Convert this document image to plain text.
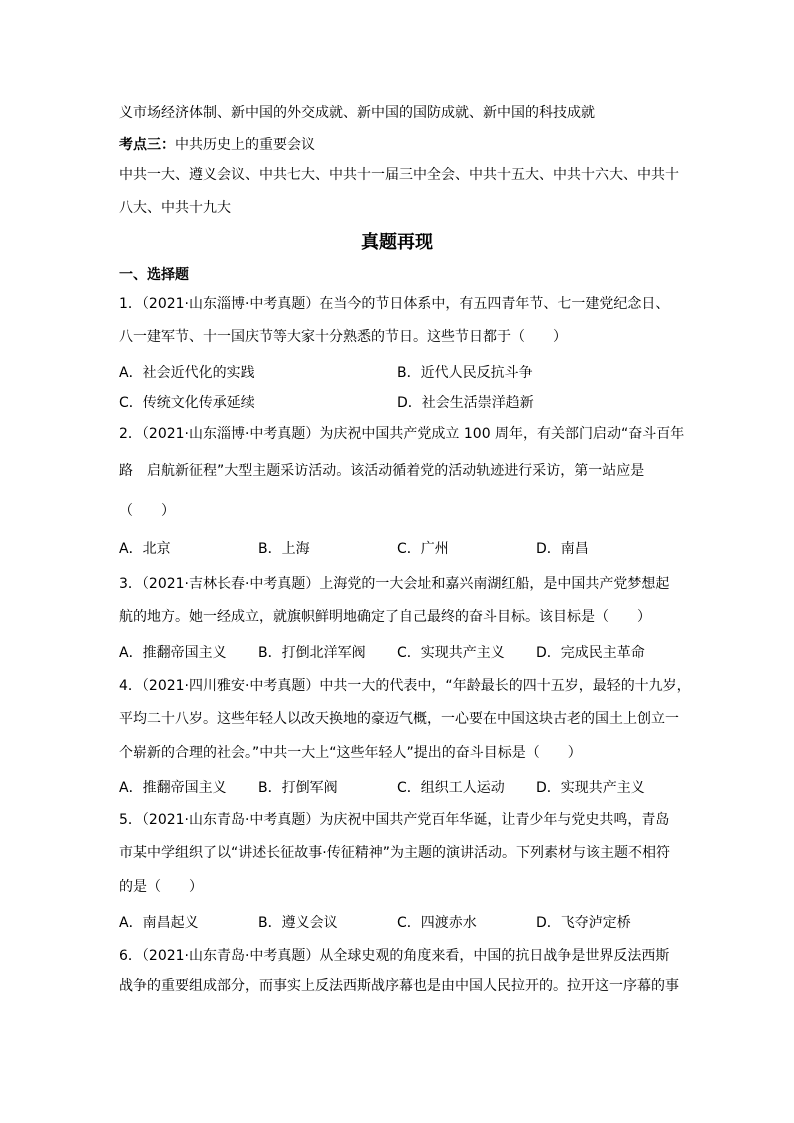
义市场经济体制、新中国的外交成就、新中国的国防成就、新中国的科技成就
考点三：中共历史上的重要会议
中共一大、遵义会议、中共七大、中共十一届三中全会、中共十五大、中共十六大、中共十
八大、中共十九大
真题再现
一、选择题
1．（2021·山东淄博·中考真题）在当今的节日体系中，有五四青年节、七一建党纪念日、
八一建军节、十一国庆节等大家十分熟悉的节日。这些节日都于（　　）
A．社会近代化的实践	B．近代人民反抗斗争
C．传统文化传承延续	D．社会生活崇洋趋新
2．（2021·山东淄博·中考真题）为庆祝中国共产党成立 100 周年，有关部门启动“奋斗百年
路　启航新征程”大型主题采访活动。该活动循着党的活动轨迹进行采访，第一站应是
（　　）
A．北京	B．上海	C．广州	D．南昌
3．（2021·吉林长春·中考真题）上海党的一大会址和嘉兴南湖红船，是中国共产党梦想起
航的地方。她一经成立，就旗帜鲜明地确定了自己最终的奋斗目标。该目标是（　　）
A．推翻帝国主义 B．打倒北洋军阀 C．实现共产主义 D．完成民主革命
4．（2021·四川雅安·中考真题）中共一大的代表中，“年龄最长的四十五岁，最轻的十九岁，
平均二十八岁。这些年轻人以改天换地的豪迈气概，一心要在中国这块古老的国土上创立一
个崭新的合理的社会。”中共一大上“这些年轻人”提出的奋斗目标是（　　）
A．推翻帝国主义 B．打倒军阀	C．组织工人运动 D．实现共产主义
5．（2021·山东青岛·中考真题）为庆祝中国共产党百年华诞，让青少年与党史共鸣，青岛
市某中学组织了以“讲述长征故事·传征精神”为主题的演讲活动。下列素材与该主题不相符
的是（　　）
A．南昌起义	B．遵义会议	C．四渡赤水	D．飞夺泸定桥
6．（2021·山东青岛·中考真题）从全球史观的角度来看，中国的抗日战争是世界反法西斯
战争的重要组成部分，而事实上反法西斯战序幕也是由中国人民拉开的。拉开这一序幕的事
